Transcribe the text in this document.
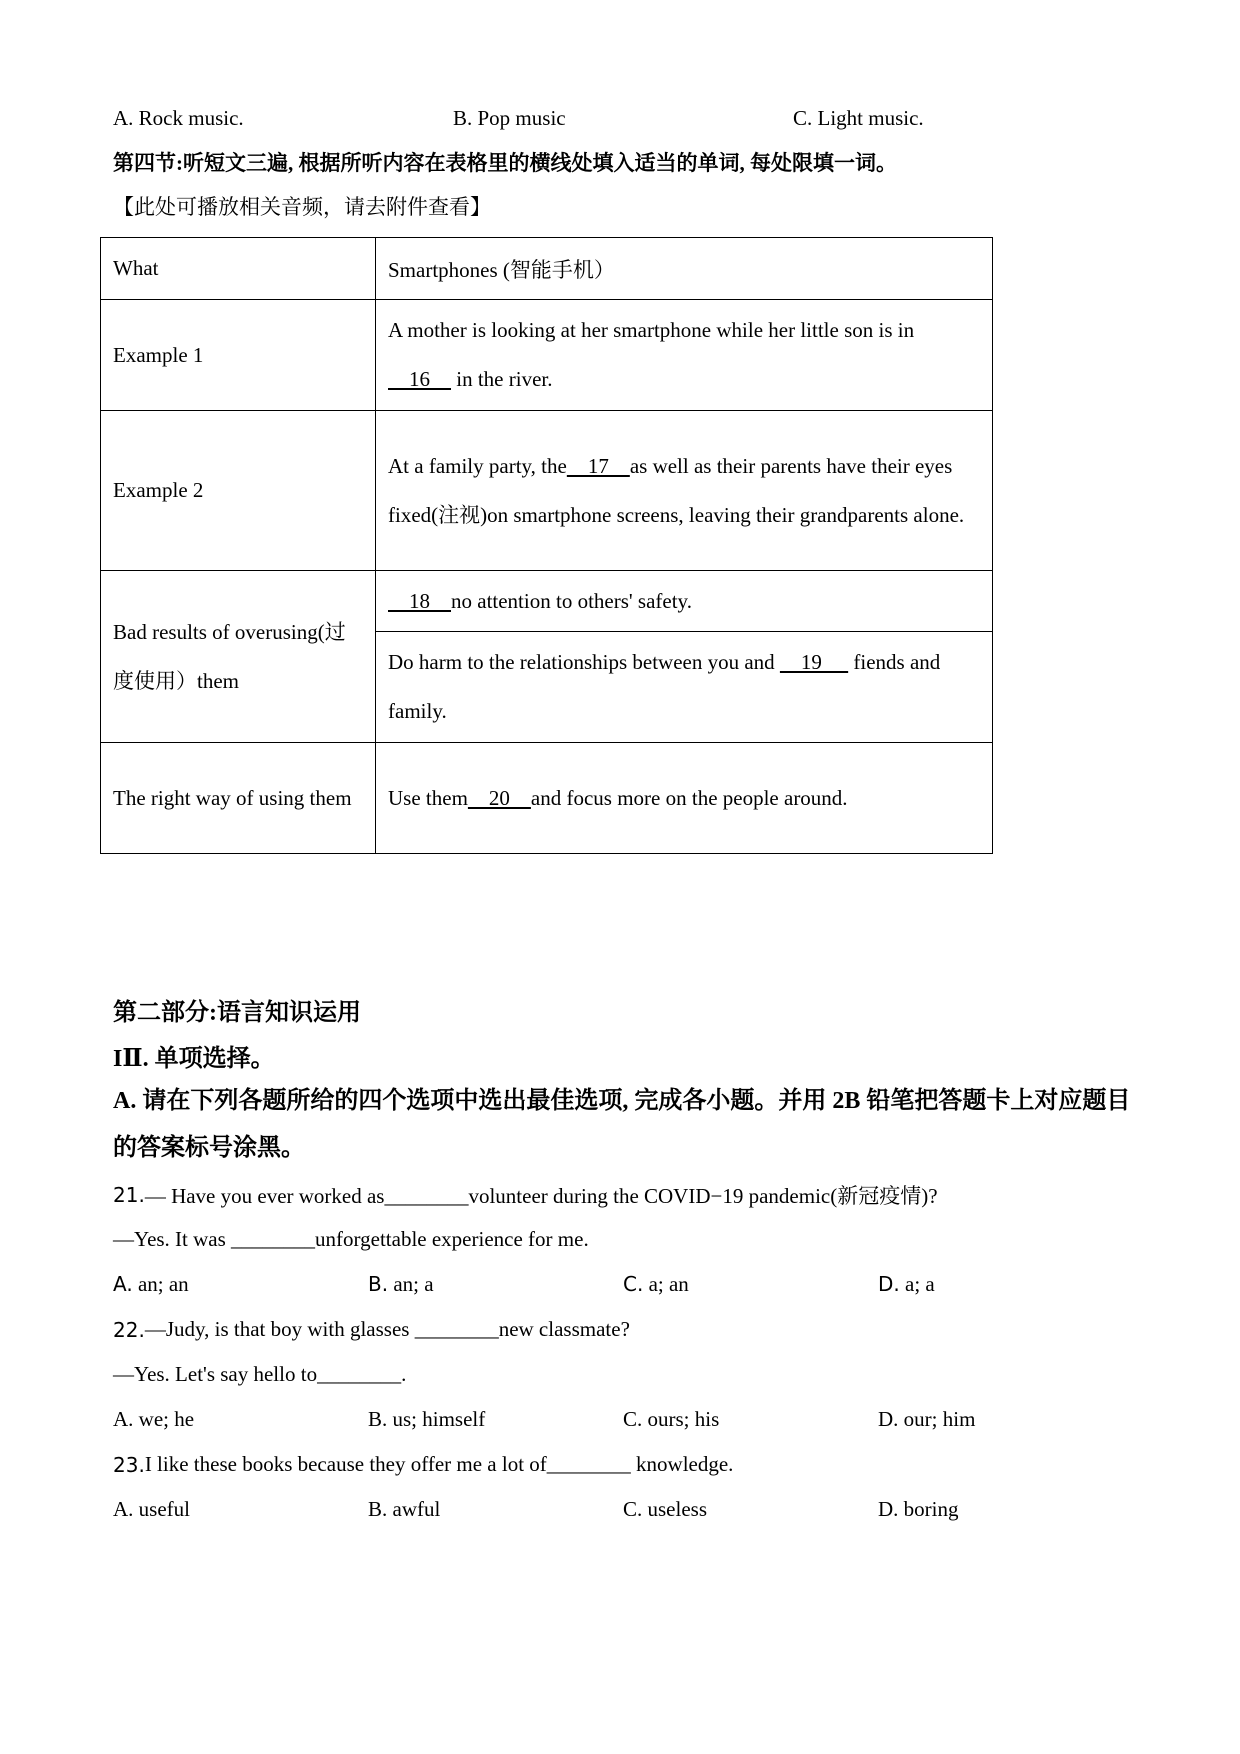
A. Rock music.	B. Pop music	C. Light music.
第四节:听短文三遍, 根据所听内容在表格里的横线处填入适当的单词, 每处限填一词。
【此处可播放相关音频，请去附件查看】
What	Smartphones (智能手机）
Example 1	A mother is looking at her smartphone while her little son is in
16     in the river.
Example 2	At a family party, the    17    as well as their parents have their eyes fixed(注视)on smartphone screens, leaving their grandparents alone.
Bad results of overusing(过度使用）them	18    no attention to others' safety.
	Do harm to the relationships between you and     19      fiends and family.
The right way of using them	Use them    20    and focus more on the people around.
第二部分:语言知识运用
IⅡ. 单项选择。
A. 请在下列各题所给的四个选项中选出最佳选项, 完成各小题。并用 2B 铅笔把答题卡上对应题目的答案标号涂黑。
21. — Have you ever worked as________volunteer during the COVID−19 pandemic(新冠疫情)?
—Yes. It was ________unforgettable experience for me.
A. an; an	B. an; a	C. a; an	D. a; a
22. —Judy, is that boy with glasses ________new classmate?
—Yes. Let's say hello to________.
A. we; he	B. us; himself	C. ours; his	D. our; him
23. I like these books because they offer me a lot of________ knowledge.
A. useful	B. awful	C. useless	D. boring
